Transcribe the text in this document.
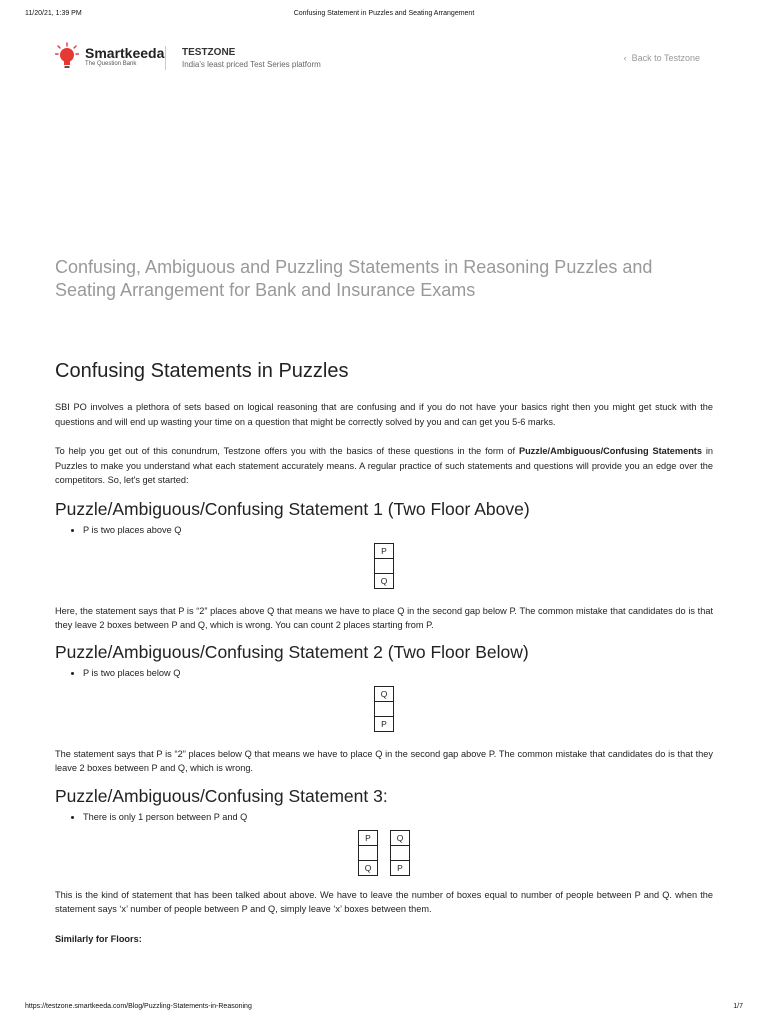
11/20/21, 1:39 PM	Confusing Statement in Puzzles and Seating Arrangement
Smartkeeda
The Question Bank
TESTZONE
India's least priced Test Series platform
‹ Back to Testzone
Confusing, Ambiguous and Puzzling Statements in Reasoning Puzzles and Seating Arrangement for Bank and Insurance Exams
Confusing Statements in Puzzles

SBI PO involves a plethora of sets based on logical reasoning that are confusing and if you do not have your basics right then you might get stuck with the questions and will end up wasting your time on a question that might be correctly solved by you and can get you 5-6 marks.

To help you get out of this conundrum, Testzone offers you with the basics of these questions in the form of Puzzle/Ambiguous/Confusing Statements in Puzzles to make you understand what each statement accurately means. A regular practice of such statements and questions will provide you an edge over the competitors. So, let's get started:

Puzzle/Ambiguous/Confusing Statement 1 (Two Floor Above)
• P is two places above Q
P
Q

Here, the statement says that P is “2” places above Q that means we have to place Q in the second gap below P. The common mistake that candidates do is that they leave 2 boxes between P and Q, which is wrong. You can count 2 places starting from P.

Puzzle/Ambiguous/Confusing Statement 2 (Two Floor Below)
• P is two places below Q
Q
P

The statement says that P is “2” places below Q that means we have to place Q in the second gap above P. The common mistake that candidates do is that they leave 2 boxes between P and Q, which is wrong.

Puzzle/Ambiguous/Confusing Statement 3:
• There is only 1 person between P and Q
P
Q
Q
P

This is the kind of statement that has been talked about above. We have to leave the number of boxes equal to number of people between P and Q. when the statement says ‘x’ number of people between P and Q, simply leave ‘x’ boxes between them.

Similarly for Floors:

https://testzone.smartkeeda.com/Blog/Puzzling-Statements-in-Reasoning	1/7
